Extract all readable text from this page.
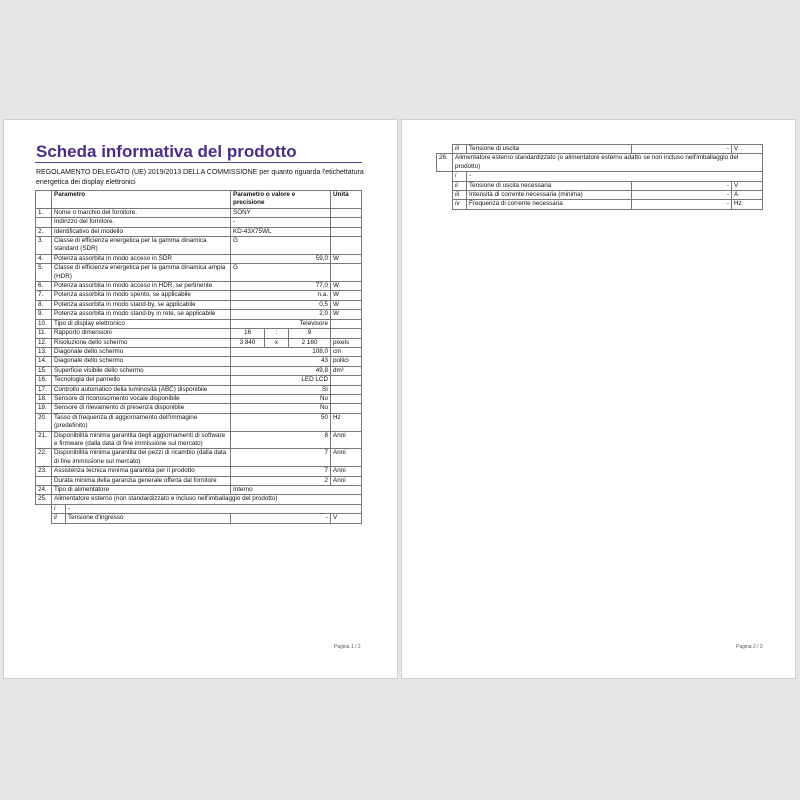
Scheda informativa del prodotto
REGOLAMENTO DELEGATO (UE) 2019/2013 DELLA COMMISSIONE per quanto riguarda l'etichettatura energetica dei display elettronici
	Parametro		Parametro o valore e precisione			Unità
1.	Nome o marchio del fornitore.		SONY			
	Indirizzo del fornitore.		-			
2.	Identificativo del modello		KD-43X75WL			
3.	Classe di efficienza energetica per la gamma dinamica standard (SDR)		G			
4.	Potenza assorbita in modo acceso in SDR		59,0			W
5.	Classe di efficienza energetica per la gamma dinamica ampia (HDR)		G			
6.	Potenza assorbita in modo acceso in HDR, se pertinente		77,0			W
7.	Potenza assorbita in modo spento, se applicabile		n.a.			W
8.	Potenza assorbita in modo stand-by, se applicabile		0,5			W
9.	Potenza assorbita in modo stand-by in rete, se applicabile		2,0			W
10.	Tipo di display elettronico		Televisore			
11.	Rapporto dimensioni		16	:	9	
12.	Risoluzione dello schermo		3 840	x	2 160	pixels
13.	Diagonale dello schermo		108,0			cm
14.	Diagonale dello schermo		43			pollici
15.	Superficie visibile dello schermo		49,8			dm²
16.	Tecnologia del pannello		LED LCD			
17.	Controllo automatico della luminosità (ABC) disponibile		Sì			
18.	Sensore di riconoscimento vocale disponibile		No			
19.	Sensore di rilevamento di presenza disponibile		No			
20.	Tasso di frequenza di aggiornamento dell'immagine (predefinito)		50			Hz
21.	Disponibilità minima garantita degli aggiornamenti di software e firmware (dalla data di fine immissione sul mercato)		8			Anni
22.	Disponibilità minima garantita dei pezzi di ricambio (dalla data di fine immissione sul mercato)		7			Anni
23.	Assistenza tecnica minima garantita per il prodotto		7			Anni
	Durata minima della garanzia generale offerta dal fornitore		2			Anni
24.	Tipo di alimentatore		Interno			
25.	Alimentatore esterno (non standardizzato e incluso nell'imballaggio del prodotto)					
	i	-				
	ii	Tensione d'ingresso	-			V
Pagina 1 / 2
	iii	Tensione di uscita	-	V
26.	Alimentatore esterno standardizzato (o alimentatore esterno adatto se non incluso nell'imballaggio del prodotto)			
	i	-		
	ii	Tensione di uscita necessaria	-	V
	iii	Intensità di corrente necessaria (minima)	-	A
	iv	Frequenza di corrente necessaria	-	Hz
Pagina 2 / 2
